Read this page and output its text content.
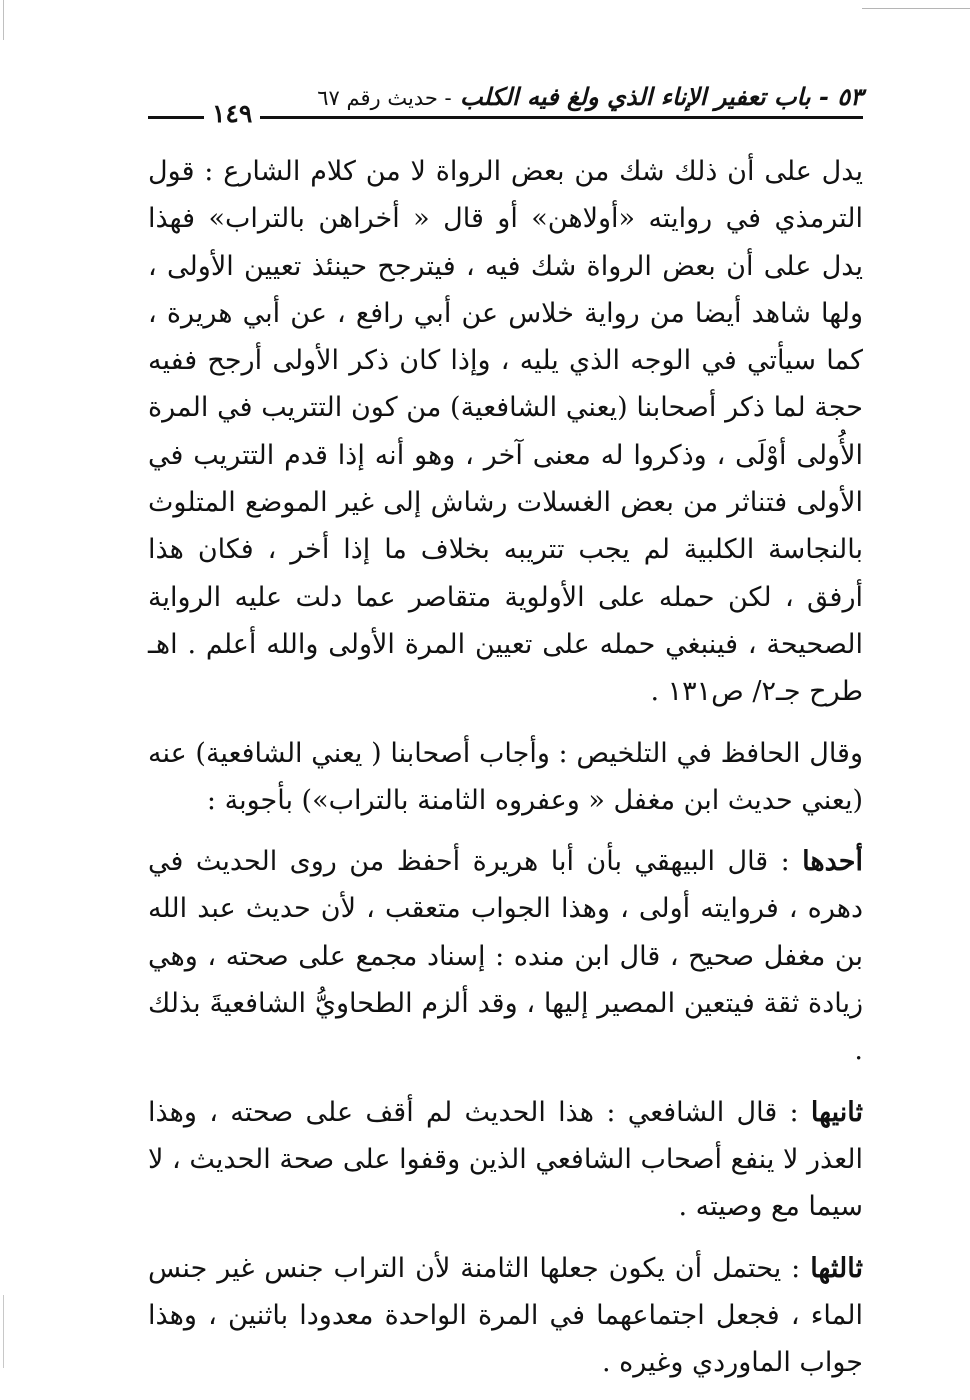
٥٣ - باب تعفير الإناء الذي ولغ فيه الكلب - حديث رقم ٦٧
١٤٩

يدل على أن ذلك شك من بعض الرواة لا من كلام الشارع : قول الترمذي في روايته «أولاهن» أو قال « أخراهن بالتراب» فهذا يدل على أن بعض الرواة شك فيه ، فيترجح حينئذ تعيين الأولى ، ولها شاهد أيضا من رواية خلاس عن أبي رافع ، عن أبي هريرة ، كما سيأتي في الوجه الذي يليه ، وإذا كان ذكر الأولى أرجح ففيه حجة لما ذكر أصحابنا (يعني الشافعية) من كون التتريب في المرة الأُولى أوْلَى ، وذكروا له معنى آخر ، وهو أنه إذا قدم التتريب في الأولى فتناثر من بعض الغسلات رشاش إلى غير الموضع المتلوث بالنجاسة الكلبية لم يجب تتريبه بخلاف ما إذا أخر ، فكان هذا أرفق ، لكن حمله على الأولوية متقاصر عما دلت عليه الرواية الصحيحة ، فينبغي حمله على تعيين المرة الأولى والله أعلم . اهـ طرح جـ٢/ ص١٣١ .

وقال الحافظ في التلخيص : وأجاب أصحابنا ( يعني الشافعية) عنه (يعني حديث ابن مغفل « وعفروه الثامنة بالتراب») بأجوبة :

أحدها : قال البيهقي بأن أبا هريرة أحفظ من روى الحديث في دهره ، فروايته أولى ، وهذا الجواب متعقب ، لأن حديث عبد الله بن مغفل صحيح ، قال ابن منده : إسناد مجمع على صحته ، وهي زيادة ثقة فيتعين المصير إليها ، وقد ألزم الطحاويُّ الشافعيةَ بذلك .

ثانيها : قال الشافعي : هذا الحديث لم أقف على صحته ، وهذا العذر لا ينفع أصحاب الشافعي الذين وقفوا على صحة الحديث ، لا سيما مع وصيته .

ثالثها : يحتمل أن يكون جعلها الثامنة لأن التراب جنس غير جنس الماء ، فجعل اجتماعهما في المرة الواحدة معدودا باثنين ، وهذا جواب الماوردي وغيره .
